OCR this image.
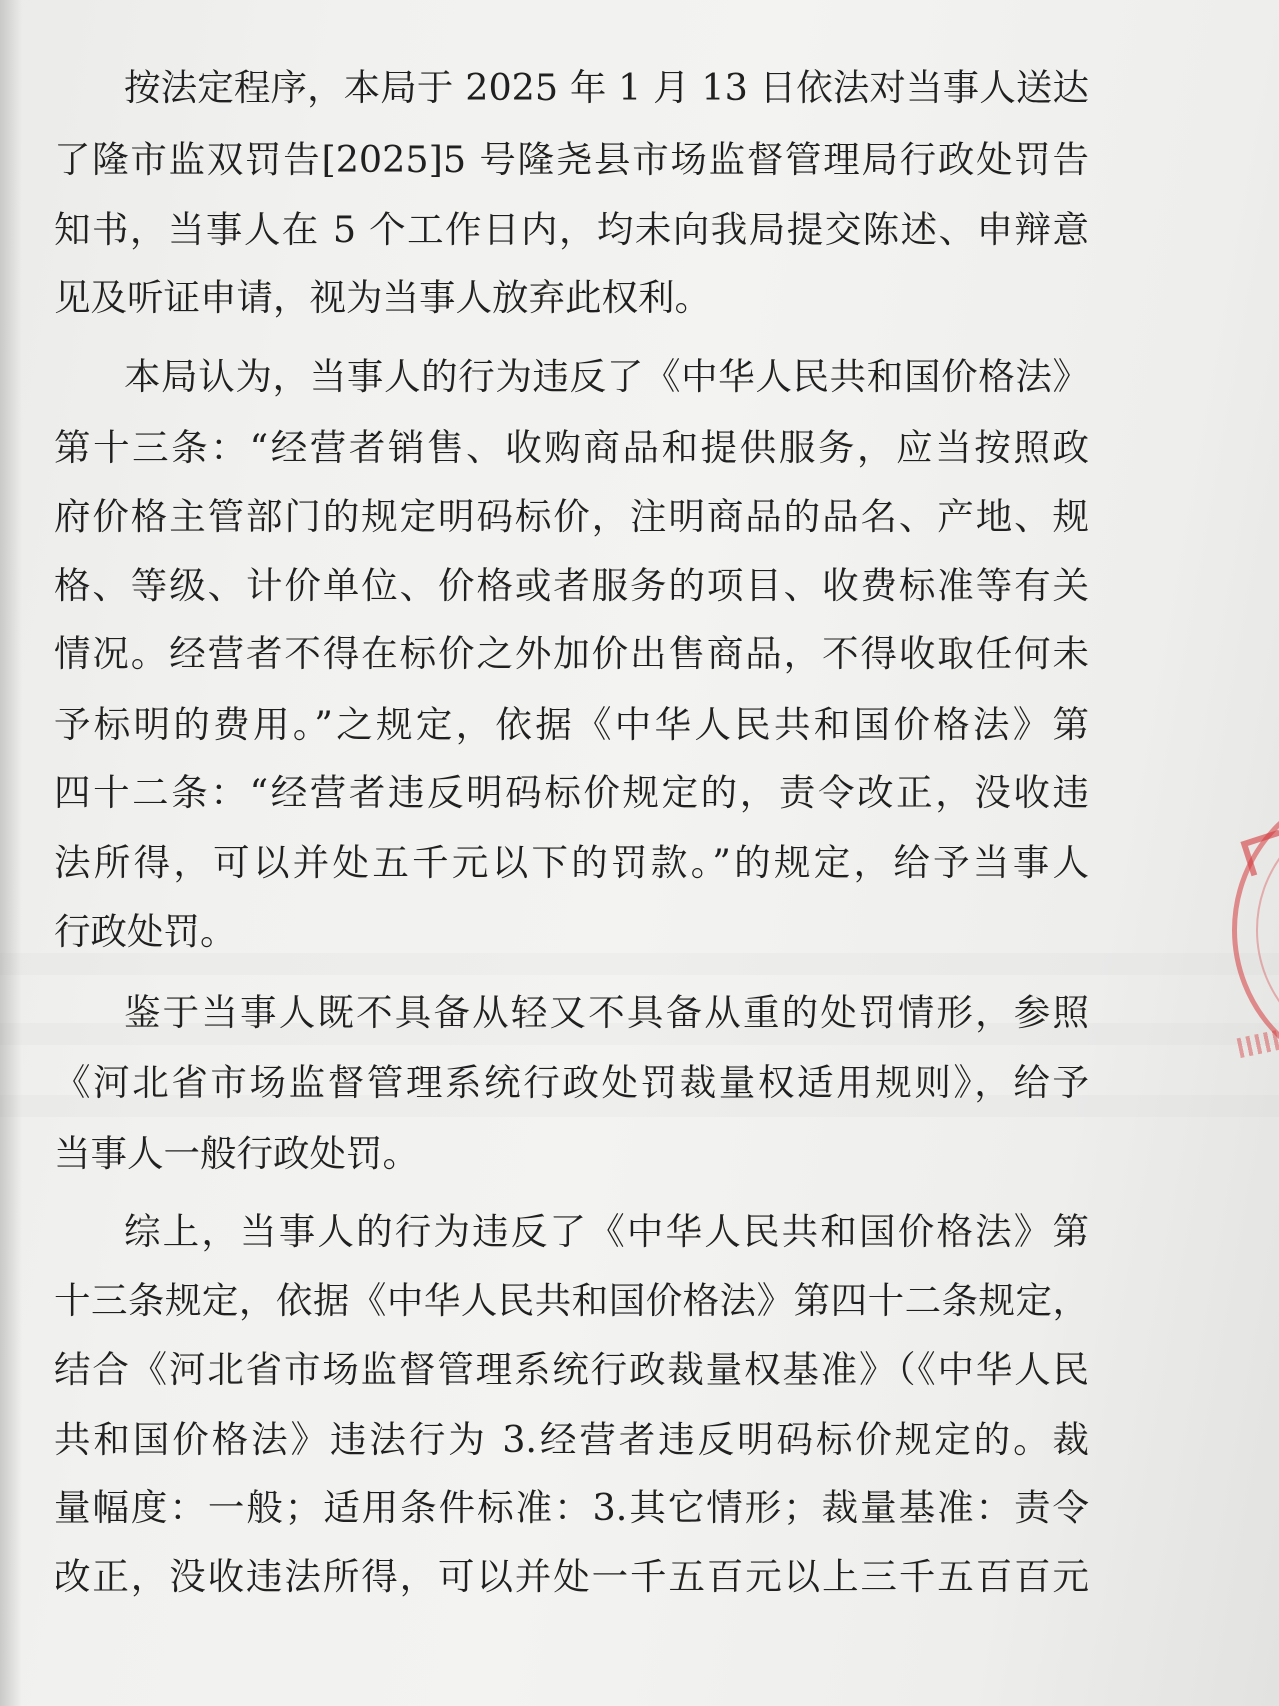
按法定程序，本局于 2025 年 1 月 13 日依法对当事人送达
了隆市监双罚告[2025]5 号隆尧县市场监督管理局行政处罚告
知书，当事人在 5 个工作日内，均未向我局提交陈述、申辩意
见及听证申请，视为当事人放弃此权利。
本局认为，当事人的行为违反了《中华人民共和国价格法》
第十三条：“经营者销售、收购商品和提供服务，应当按照政
府价格主管部门的规定明码标价，注明商品的品名、产地、规
格、等级、计价单位、价格或者服务的项目、收费标准等有关
情况。经营者不得在标价之外加价出售商品，不得收取任何未
予标明的费用。”之规定，依据《中华人民共和国价格法》第
四十二条：“经营者违反明码标价规定的，责令改正，没收违
法所得，可以并处五千元以下的罚款。”的规定，给予当事人
行政处罚。
鉴于当事人既不具备从轻又不具备从重的处罚情形，参照
《河北省市场监督管理系统行政处罚裁量权适用规则》，给予
当事人一般行政处罚。
综上，当事人的行为违反了《中华人民共和国价格法》第
十三条规定，依据《中华人民共和国价格法》第四十二条规定，
结合《河北省市场监督管理系统行政裁量权基准》（《中华人民
共和国价格法》违法行为 3.经营者违反明码标价规定的。裁
量幅度：一般；适用条件标准：3.其它情形；裁量基准：责令
改正，没收违法所得，可以并处一千五百元以上三千五百百元
